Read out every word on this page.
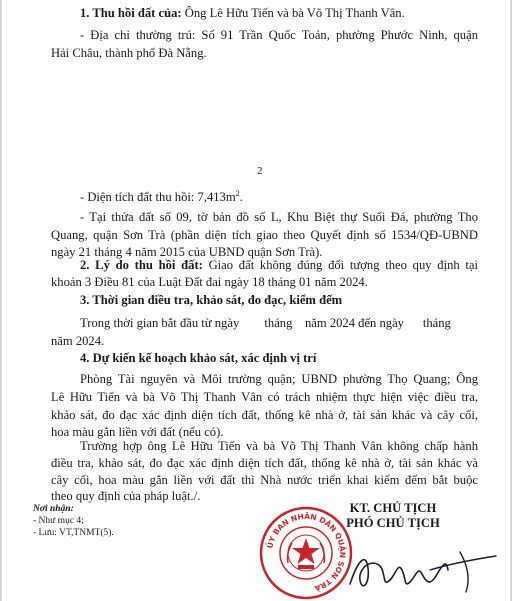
1. Thu hồi đất của: Ông Lê Hữu Tiến và bà Võ Thị Thanh Vân.
- Địa chỉ thường trú: Số 91 Trần Quốc Toản, phường Phước Ninh, quận
Hải Châu, thành phố Đà Nẵng.
2
- Diện tích đất thu hồi: $7,413m^2$.
- Tại thửa đất số 09, tờ bản đồ số L, Khu Biệt thự Suối Đá, phường Thọ
Quang, quận Sơn Trà (phần diện tích giao theo Quyết định số 1534/QĐ-UBND
ngày 21 tháng 4 năm 2015 của UBND quận Sơn Trà).
2. Lý do thu hồi đất: Giao đất không đúng đối tượng theo quy định tại
khoản 3 Điều 81 của Luật Đất đai ngày 18 tháng 01 năm 2024.
3. Thời gian điều tra, khảo sát, đo đạc, kiểm đếm
Trong thời gian bắt đầu từ ngày        tháng    năm 2024 đến ngày      tháng
năm 2024.
4. Dự kiến kế hoạch khảo sát, xác định vị trí
Phòng Tài nguyên và Môi trường quận; UBND phường Thọ Quang; Ông
Lê Hữu Tiến và bà Võ Thị Thanh Vân có trách nhiệm thực hiện việc điều tra,
khảo sát, đo đạc xác định diện tích đất, thống kê nhà ở, tài sản khác và cây cối,
hoa màu gắn liền với đất (nếu có).
Trường hợp ông Lê Hữu Tiến và bà Võ Thị Thanh Vân không chấp hành
điều tra, khảo sát, đo đạc xác định diện tích đất, thống kê nhà ở, tài sản khác và
cây cối, hoa màu gắn liền với đất thì Nhà nước triển khai kiểm đếm bắt buộc
theo quy định của pháp luật./.
Nơi nhận:
- Như mục 4;
- Lưu: VT,TNMT(5).
KT. CHỦ TỊCH
PHÓ CHỦ TỊCH
ỦY BAN NHÂN DÂN QUẬN SƠN TRÀ
